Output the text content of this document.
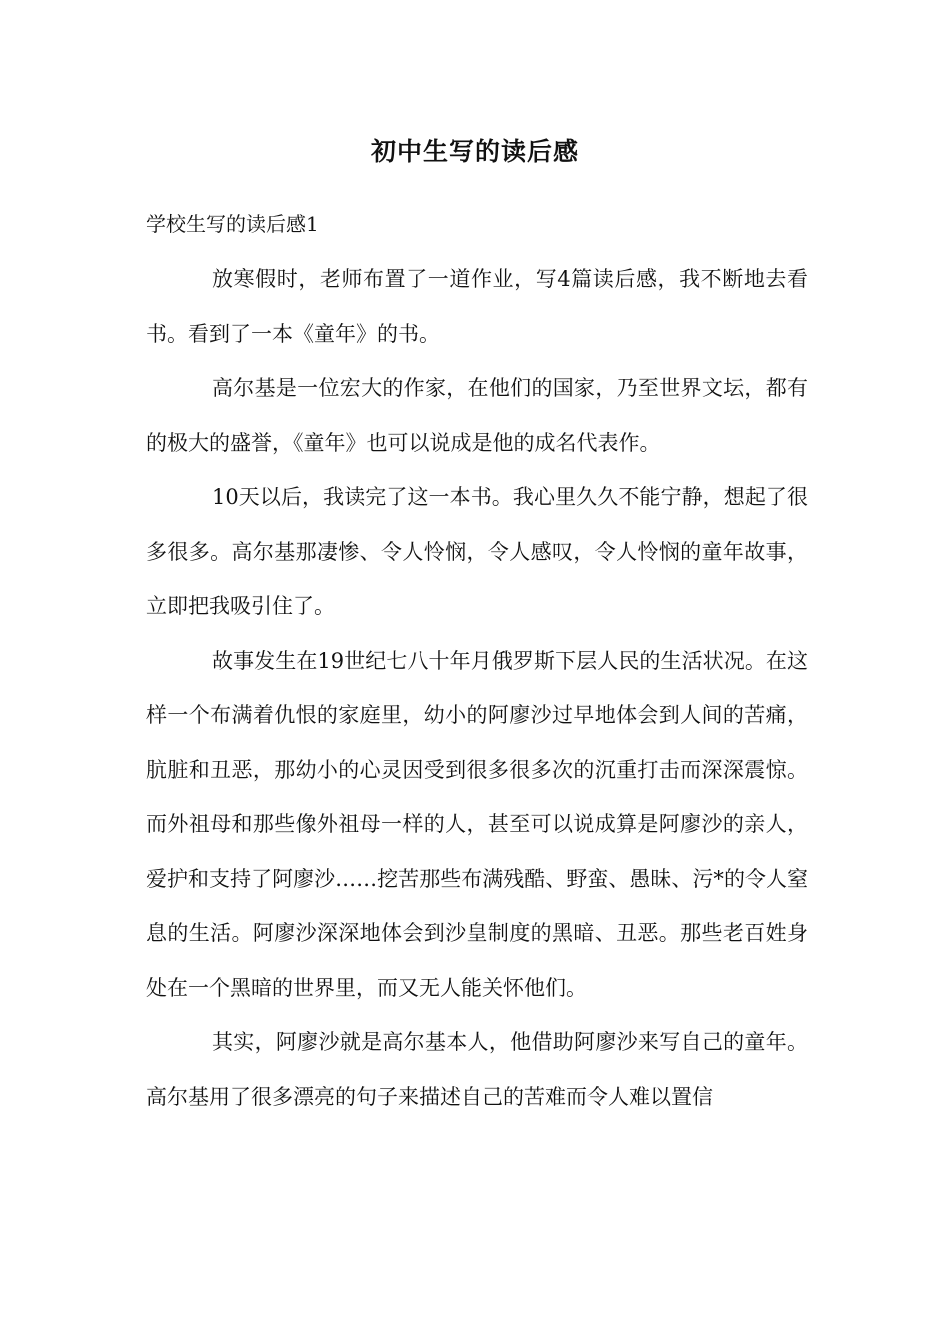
初中生写的读后感
学校生写的读后感1

放寒假时，老师布置了一道作业，写4篇读后感，我不断地去看书。看到了一本《童年》的书。

高尔基是一位宏大的作家，在他们的国家，乃至世界文坛，都有的极大的盛誉，《童年》也可以说成是他的成名代表作。

10天以后，我读完了这一本书。我心里久久不能宁静，想起了很多很多。高尔基那凄惨、令人怜悯，令人感叹，令人怜悯的童年故事，立即把我吸引住了。

故事发生在19世纪七八十年月俄罗斯下层人民的生活状况。在这样一个布满着仇恨的家庭里，幼小的阿廖沙过早地体会到人间的苦痛，肮脏和丑恶，那幼小的心灵因受到很多很多次的沉重打击而深深震惊。而外祖母和那些像外祖母一样的人，甚至可以说成算是阿廖沙的亲人，爱护和支持了阿廖沙……挖苦那些布满残酷、野蛮、愚昧、污*的令人窒息的生活。阿廖沙深深地体会到沙皇制度的黑暗、丑恶。那些老百姓身处在一个黑暗的世界里，而又无人能关怀他们。

其实，阿廖沙就是高尔基本人，他借助阿廖沙来写自己的童年。高尔基用了很多漂亮的句子来描述自己的苦难而令人难以置信
